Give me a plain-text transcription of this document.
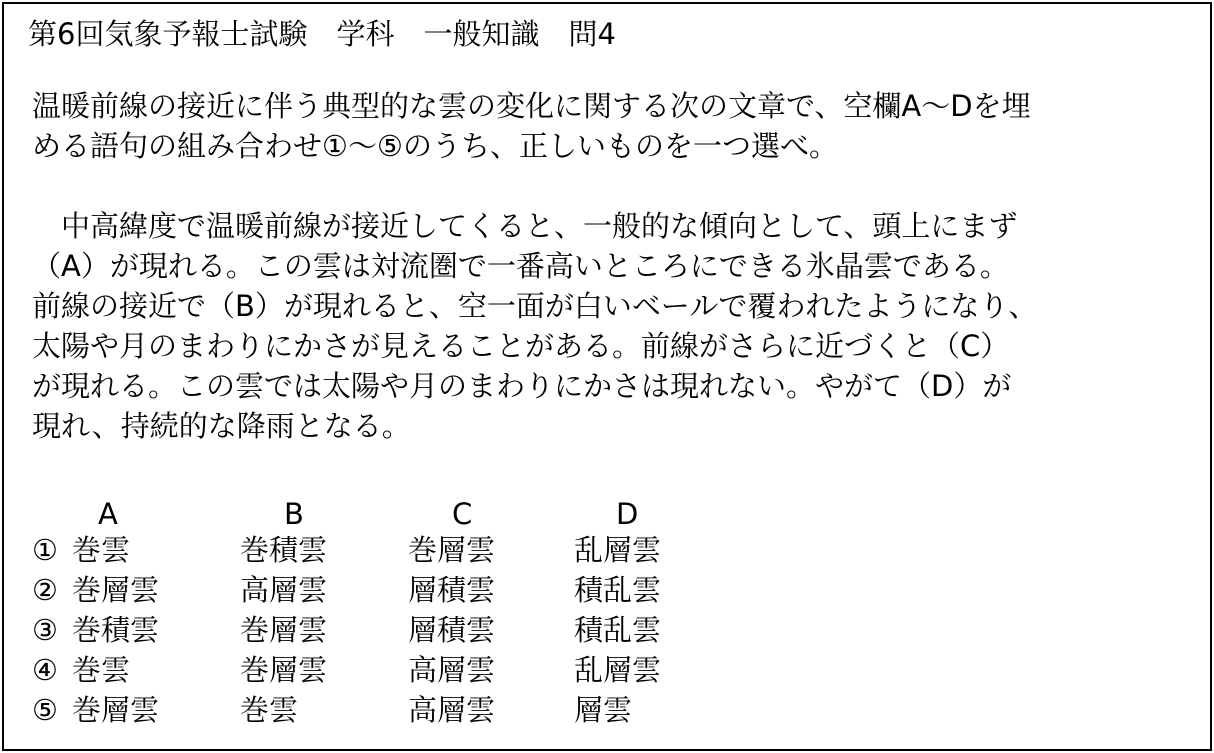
第6回気象予報士試験　学科　一般知識　問4
温暖前線の接近に伴う典型的な雲の変化に関する次の文章で、空欄A〜Dを埋
める語句の組み合わせ①〜⑤のうち、正しいものを一つ選べ。
　中高緯度で温暖前線が接近してくると、一般的な傾向として、頭上にまず
（A）が現れる。この雲は対流圏で一番高いところにできる氷晶雲である。
前線の接近で（B）が現れると、空一面が白いベールで覆われたようになり、
太陽や月のまわりにかさが見えることがある。前線がさらに近づくと（C）
が現れる。この雲では太陽や月のまわりにかさは現れない。やがて（D）が
現れ、持続的な降雨となる。
A	B	C	D
① 巻雲	巻積雲	巻層雲	乱層雲
② 巻層雲	高層雲	層積雲	積乱雲
③ 巻積雲	巻層雲	層積雲	積乱雲
④ 巻雲	巻層雲	高層雲	乱層雲
⑤ 巻層雲	巻雲	高層雲	層雲
